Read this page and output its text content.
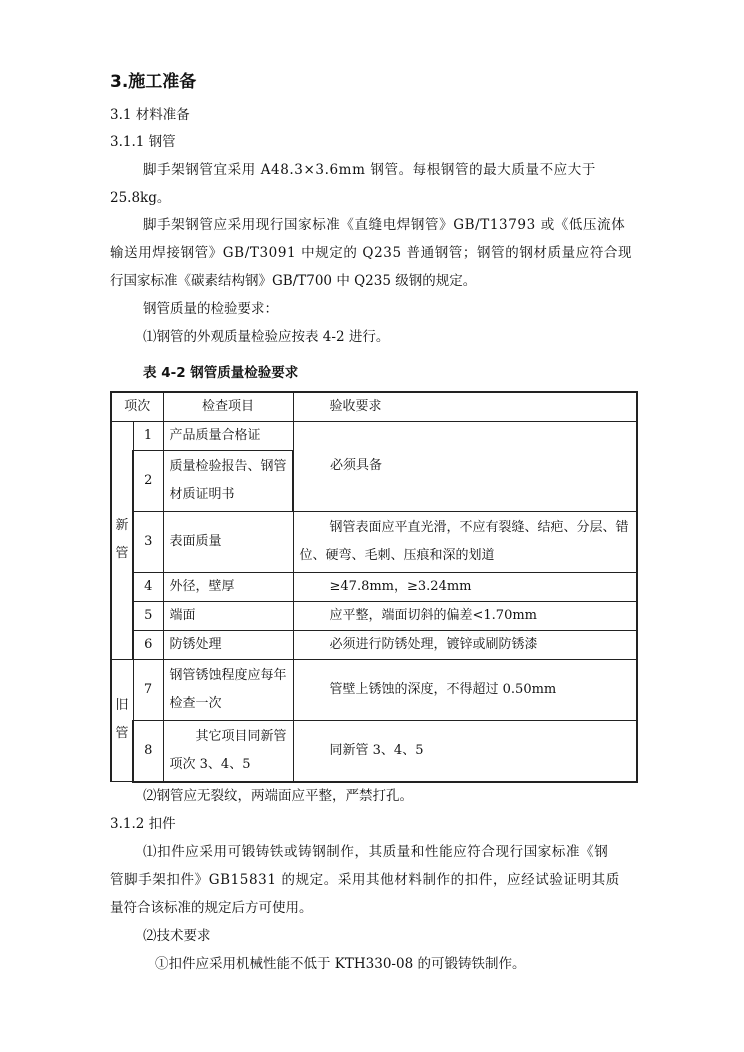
3.施工准备
3.1 材料准备
3.1.1 钢管
脚手架钢管宜采用 A48.3×3.6mm 钢管。每根钢管的最大质量不应大于
25.8kg。
脚手架钢管应采用现行国家标准《直缝电焊钢管》GB/T13793 或《低压流体
输送用焊接钢管》GB/T3091 中规定的 Q235 普通钢管；钢管的钢材质量应符合现
行国家标准《碳素结构钢》GB/T700 中 Q235 级钢的规定。
钢管质量的检验要求：
⑴钢管的外观质量检验应按表 4-2 进行。
表 4-2 钢管质量检验要求
项次		检查项目	验收要求
新管	1	产品质量合格证	必须具备
	2	质量检验报告、钢管材质证明书	
	3	表面质量	钢管表面应平直光滑，不应有裂缝、结疤、分层、错位、硬弯、毛刺、压痕和深的划道
	4	外径，壁厚	≥47.8mm，≥3.24mm
	5	端面	应平整，端面切斜的偏差<1.70mm
	6	防锈处理	必须进行防锈处理，镀锌或刷防锈漆
旧管	7	钢管锈蚀程度应每年检查一次	管壁上锈蚀的深度，不得超过 0.50mm
	8	其它项目同新管项次 3、4、5	同新管 3、4、5
⑵钢管应无裂纹，两端面应平整，严禁打孔。
3.1.2 扣件
⑴扣件应采用可锻铸铁或铸钢制作，其质量和性能应符合现行国家标准《钢
管脚手架扣件》GB15831 的规定。采用其他材料制作的扣件，应经试验证明其质
量符合该标准的规定后方可使用。
⑵技术要求
①扣件应采用机械性能不低于 KTH330-08 的可锻铸铁制作。
